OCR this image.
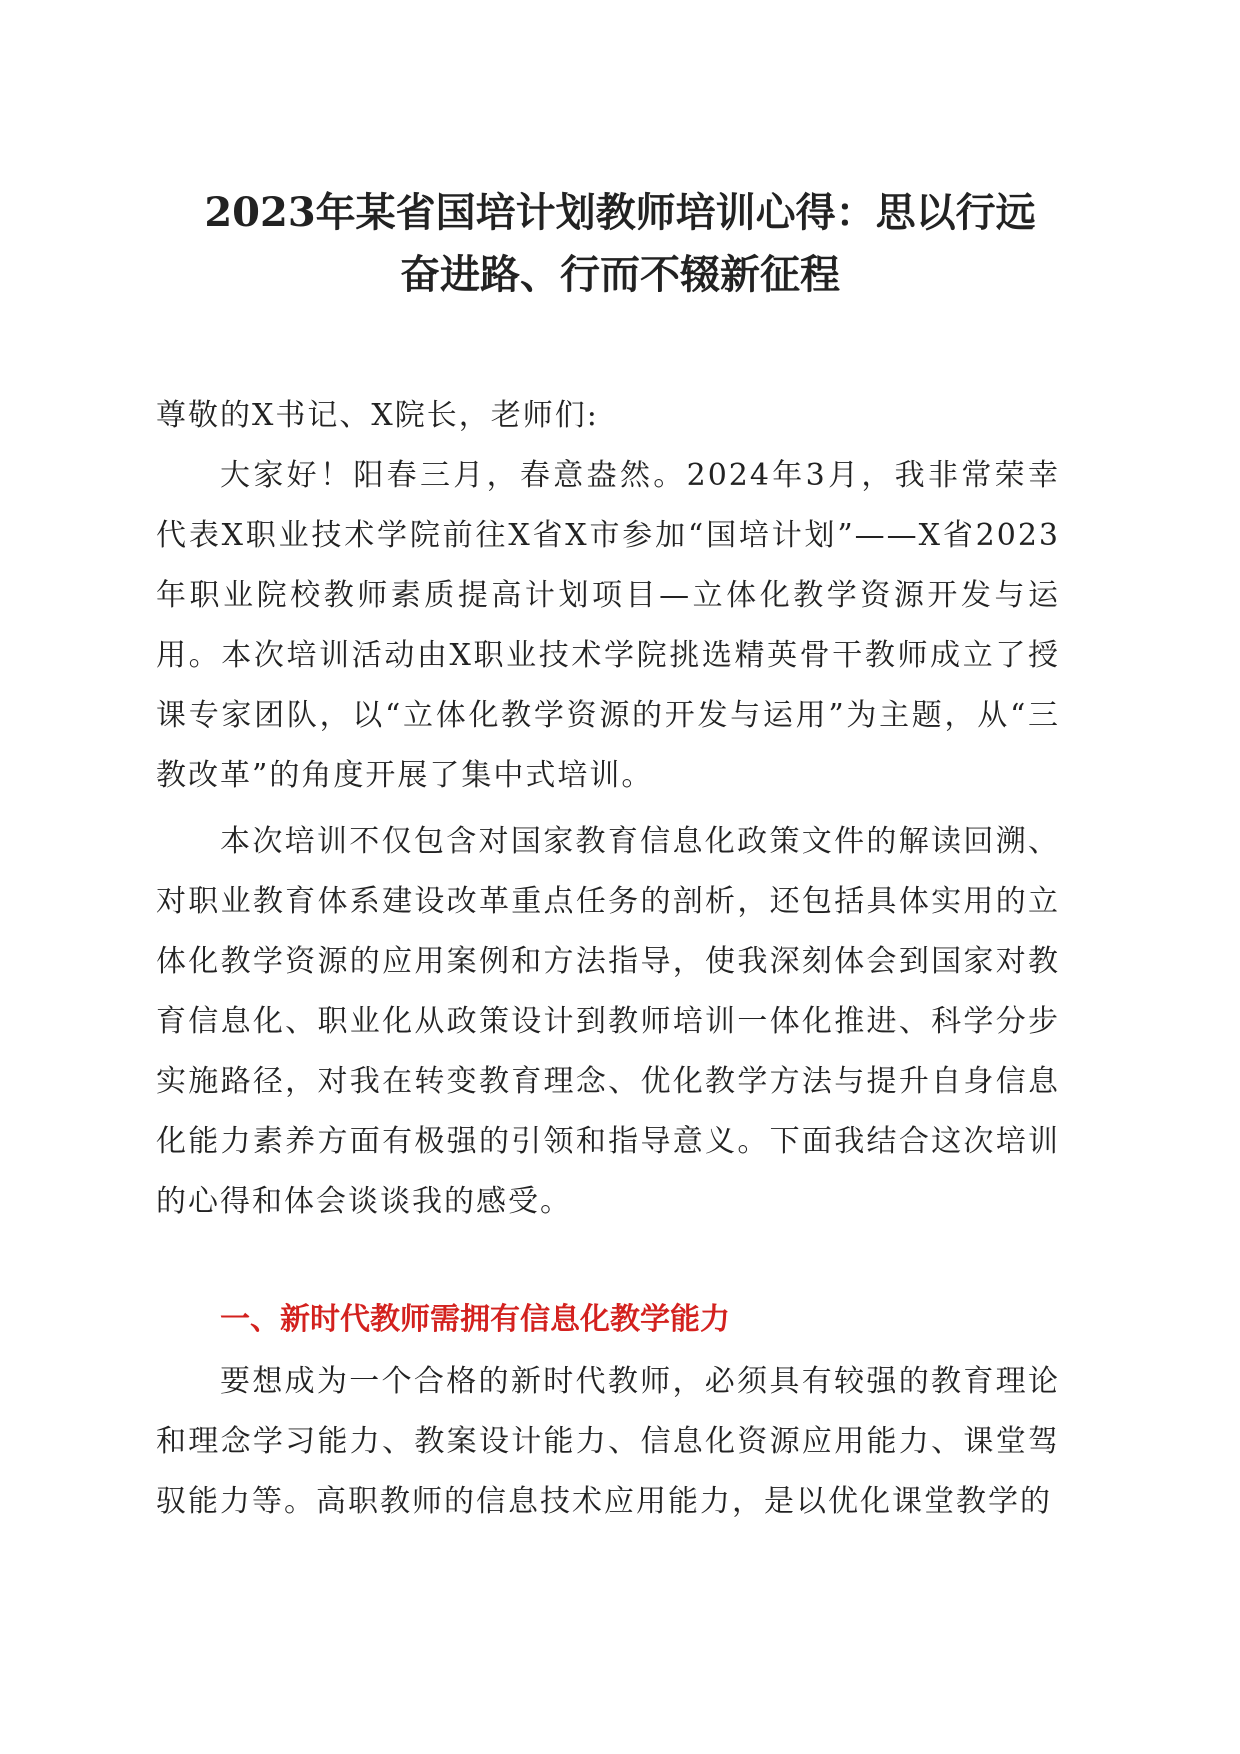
2023年某省国培计划教师培训心得：思以行远
奋进路、行而不辍新征程

尊敬的X书记、X院长，老师们:

大家好！阳春三月，春意盎然。2024年3月，我非常荣幸代表X职业技术学院前往X省X市参加“国培计划”——X省2023年职业院校教师素质提高计划项目—立体化教学资源开发与运用。本次培训活动由X职业技术学院挑选精英骨干教师成立了授课专家团队，以“立体化教学资源的开发与运用”为主题，从“三教改革”的角度开展了集中式培训。

本次培训不仅包含对国家教育信息化政策文件的解读回溯、对职业教育体系建设改革重点任务的剖析，还包括具体实用的立体化教学资源的应用案例和方法指导，使我深刻体会到国家对教育信息化、职业化从政策设计到教师培训一体化推进、科学分步实施路径，对我在转变教育理念、优化教学方法与提升自身信息化能力素养方面有极强的引领和指导意义。下面我结合这次培训的心得和体会谈谈我的感受。

一、新时代教师需拥有信息化教学能力

要想成为一个合格的新时代教师，必须具有较强的教育理论和理念学习能力、教案设计能力、信息化资源应用能力、课堂驾驭能力等。高职教师的信息技术应用能力，是以优化课堂教学的
